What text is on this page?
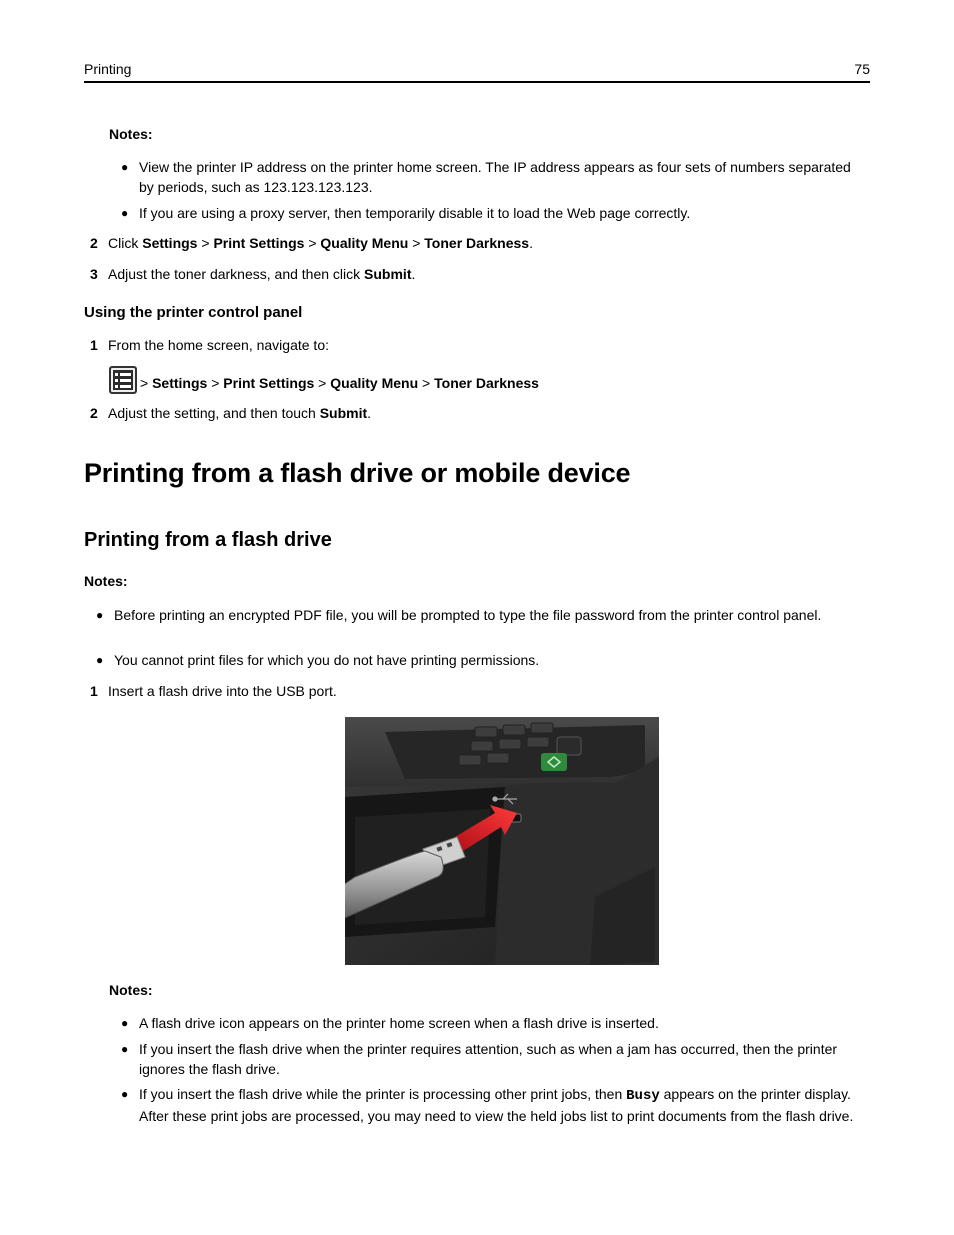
Printing	75
Notes:
● View the printer IP address on the printer home screen. The IP address appears as four sets of numbers separated by periods, such as 123.123.123.123.
● If you are using a proxy server, then temporarily disable it to load the Web page correctly.
2 Click Settings > Print Settings > Quality Menu > Toner Darkness.
3 Adjust the toner darkness, and then click Submit.
Using the printer control panel
1 From the home screen, navigate to:
> Settings > Print Settings > Quality Menu > Toner Darkness
2 Adjust the setting, and then touch Submit.
Printing from a flash drive or mobile device
Printing from a flash drive
Notes:
● Before printing an encrypted PDF file, you will be prompted to type the file password from the printer control panel.
● You cannot print files for which you do not have printing permissions.
1 Insert a flash drive into the USB port.
Notes:
● A flash drive icon appears on the printer home screen when a flash drive is inserted.
● If you insert the flash drive when the printer requires attention, such as when a jam has occurred, then the printer ignores the flash drive.
● If you insert the flash drive while the printer is processing other print jobs, then Busy appears on the printer display. After these print jobs are processed, you may need to view the held jobs list to print documents from the flash drive.
